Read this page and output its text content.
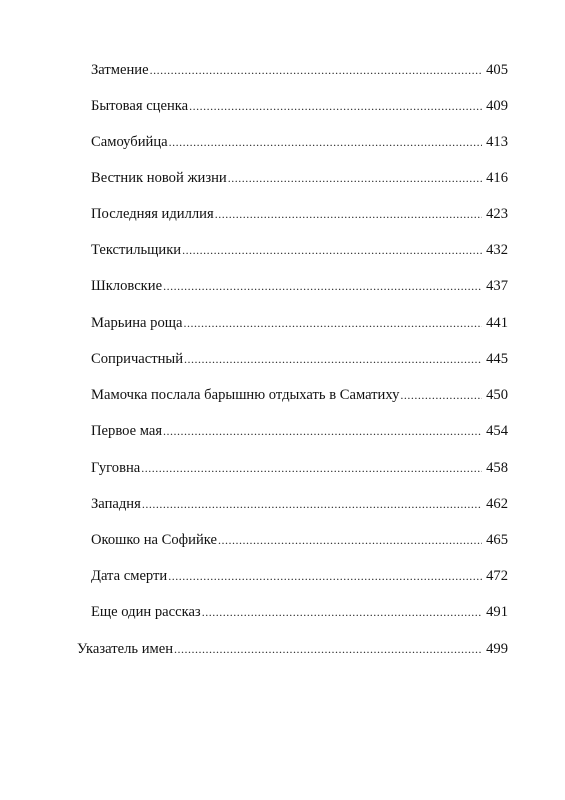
Затмение .....	405
Бытовая сценка .....	409
Самоубийца .....	413
Вестник новой жизни .....	416
Последняя идиллия .....	423
Текстильщики .....	432
Шкловские .....	437
Марьина роща .....	441
Сопричастный .....	445
Мамочка послала барышню отдыхать в Саматиху .....	450
Первое мая .....	454
Гуговна .....	458
Западня .....	462
Окошко на Софийке .....	465
Дата смерти .....	472
Еще один рассказ .....	491
Указатель имен .....	499
